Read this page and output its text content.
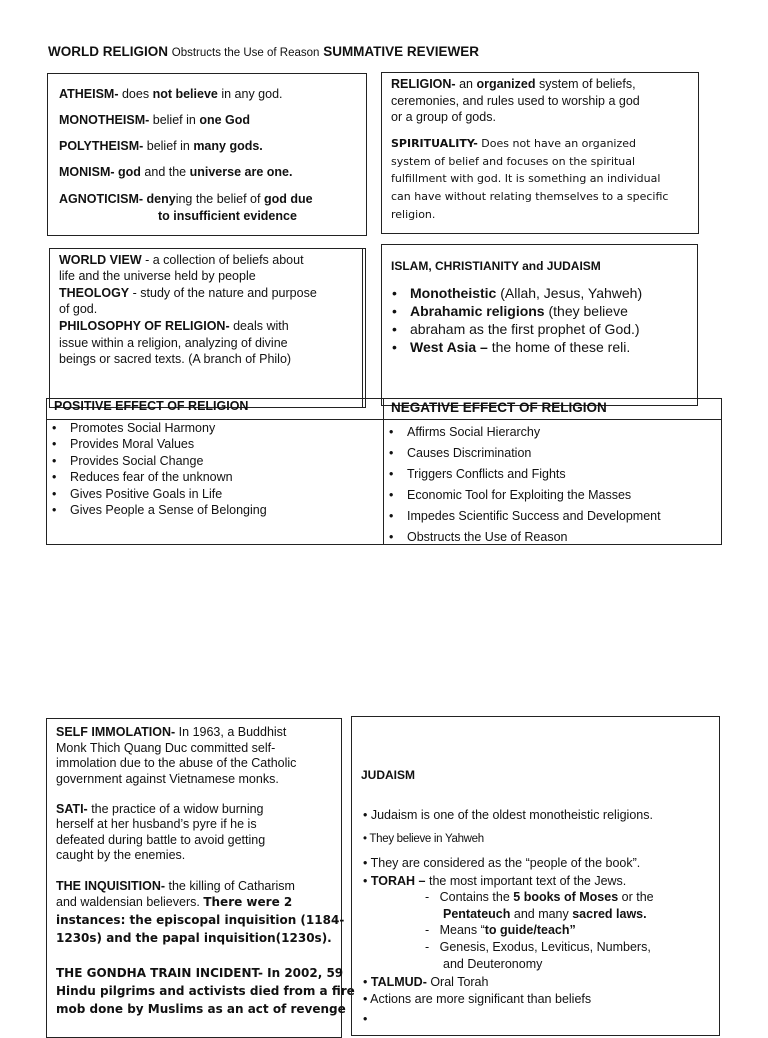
WORLD RELIGION Obstructs the Use of Reason SUMMATIVE REVIEWER
ATHEISM- does not believe in any god.
MONOTHEISM- belief in one God
POLYTHEISM- belief in many gods.
MONISM- god and the universe are one.
AGNOTICISM- denying the belief of god due
to insufficient evidence
RELIGION- an organized system of beliefs,
ceremonies, and rules used to worship a god
or a group of gods.
SPIRITUALITY- Does not have an organized
system of belief and focuses on the spiritual
fulfillment with god. It is something an individual
can have without relating themselves to a specific
religion.
WORLD VIEW - a collection of beliefs about
life and the universe held by people
THEOLOGY - study of the nature and purpose
of god.
PHILOSOPHY OF RELIGION- deals with
issue within a religion, analyzing of divine
beings or sacred texts. (A branch of Philo)
ISLAM, CHRISTIANITY and JUDAISM
• Monotheistic (Allah, Jesus, Yahweh)
• Abrahamic religions (they believe
• abraham as the first prophet of God.)
• West Asia – the home of these reli.
POSITIVE EFFECT OF RELIGION	NEGATIVE EFFECT OF RELIGION
• Promotes Social Harmony
• Provides Moral Values
• Provides Social Change
• Reduces fear of the unknown
• Gives Positive Goals in Life
• Gives People a Sense of Belonging
• Affirms Social Hierarchy
• Causes Discrimination
• Triggers Conflicts and Fights
• Economic Tool for Exploiting the Masses
• Impedes Scientific Success and Development
• Obstructs the Use of Reason
SELF IMMOLATION- In 1963, a Buddhist
Monk Thich Quang Duc committed self-
immolation due to the abuse of the Catholic
government against Vietnamese monks.
SATI- the practice of a widow burning
herself at her husband’s pyre if he is
defeated during battle to avoid getting
caught by the enemies.
THE INQUISITION- the killing of Catharism
and waldensian believers. There were 2
instances: the episcopal inquisition (1184-
1230s) and the papal inquisition(1230s).
THE GONDHA TRAIN INCIDENT- In 2002, 59
Hindu pilgrims and activists died from a fire
mob done by Muslims as an act of revenge
JUDAISM
• Judaism is one of the oldest monotheistic religions.
• They believe in Yahweh
• They are considered as the “people of the book”.
• TORAH – the most important text of the Jews.
-   Contains the 5 books of Moses or the
Pentateuch and many sacred laws.
-   Means “to guide/teach”
-   Genesis, Exodus, Leviticus, Numbers,
and Deuteronomy
• TALMUD- Oral Torah
• Actions are more significant than beliefs
•
